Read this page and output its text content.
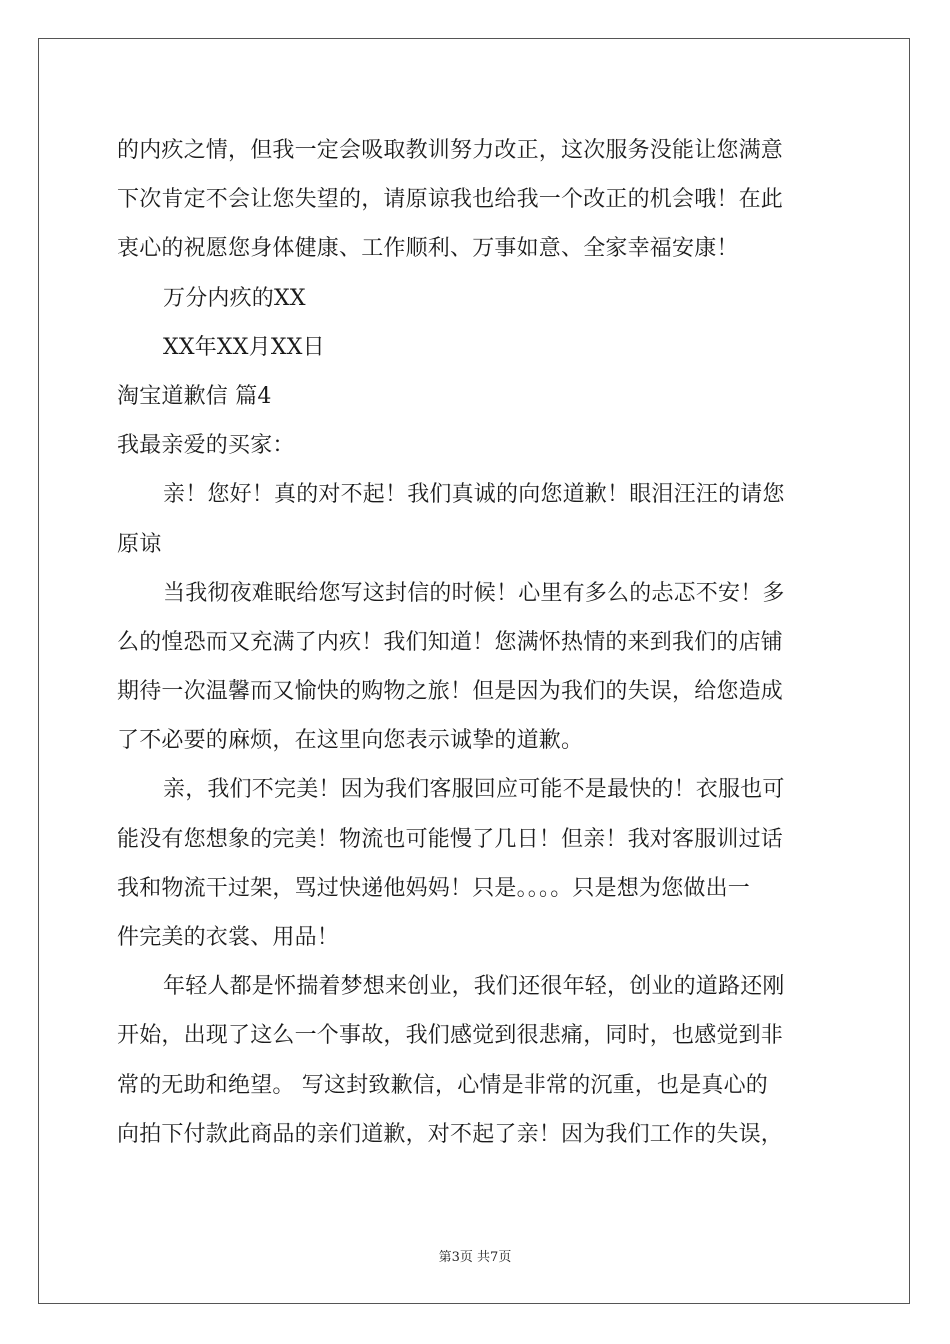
的内疚之情，但我一定会吸取教训努力改正，这次服务没能让您满意
下次肯定不会让您失望的，请原谅我也给我一个改正的机会哦！在此
衷心的祝愿您身体健康、工作顺利、万事如意、全家幸福安康！
万分内疚的XX
XX年XX月XX日
淘宝道歉信 篇4
我最亲爱的买家：
亲！您好！真的对不起！我们真诚的向您道歉！眼泪汪汪的请您
原谅
当我彻夜难眠给您写这封信的时候！心里有多么的忐忑不安！多
么的惶恐而又充满了内疚！我们知道！您满怀热情的来到我们的店铺
期待一次温馨而又愉快的购物之旅！但是因为我们的失误，给您造成
了不必要的麻烦，在这里向您表示诚挚的道歉。
亲，我们不完美！因为我们客服回应可能不是最快的！衣服也可
能没有您想象的完美！物流也可能慢了几日！但亲！我对客服训过话
我和物流干过架，骂过快递他妈妈！只是。。。。只是想为您做出一
件完美的衣裳、用品！
年轻人都是怀揣着梦想来创业，我们还很年轻，创业的道路还刚
开始，出现了这么一个事故，我们感觉到很悲痛，同时，也感觉到非
常的无助和绝望。 写这封致歉信，心情是非常的沉重，也是真心的
向拍下付款此商品的亲们道歉，对不起了亲！因为我们工作的失误，
第3页 共7页
